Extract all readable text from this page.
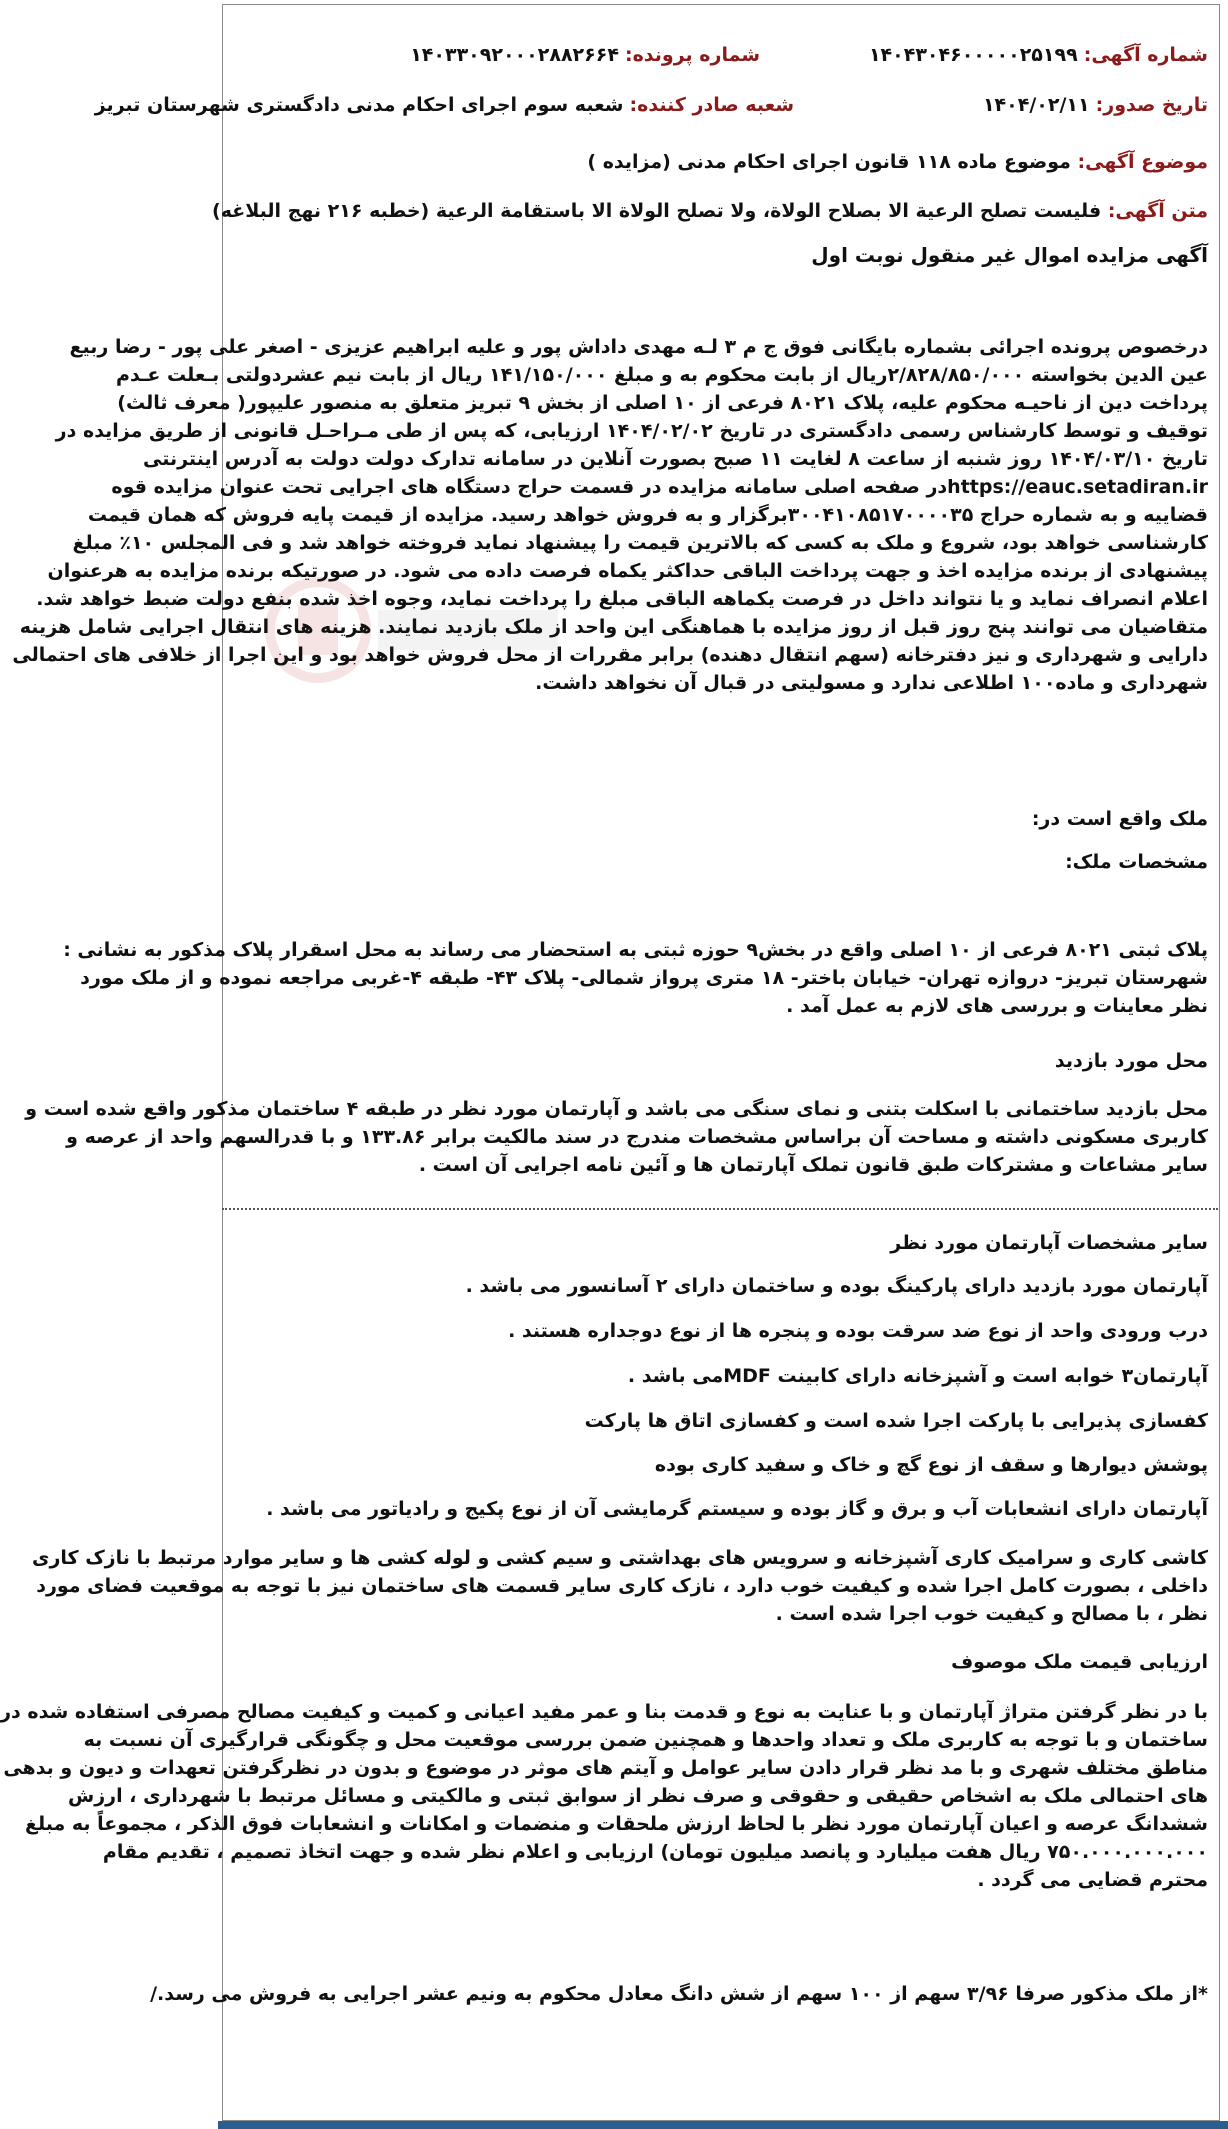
شماره آگهی: ۱۴۰۴۳۰۴۶۰۰۰۰۰۲۵۱۹۹
شماره پرونده: ۱۴۰۳۳۰۹۲۰۰۰۲۸۸۲۶۶۴
تاریخ صدور: ۱۴۰۴/۰۲/۱۱
شعبه صادر کننده: شعبه سوم اجرای احکام مدنی دادگستری شهرستان تبریز
موضوع آگهی: موضوع ماده ۱۱۸ قانون اجرای احکام مدنی (مزایده )
متن آگهی: فلیست تصلح الرعیة الا بصلاح الولاة، ولا تصلح الولاة الا باستقامة الرعیة (خطبه ۲۱۶ نهج البلاغه)
آگهی مزایده اموال غیر منقول نوبت اول
درخصوص پرونده اجرائی بشماره بایگانی فوق ج م ۳ لـه مهدی داداش پور و علیه ابراهیم عزیزی - اصغر علی پور - رضا ربیع
عین الدین بخواسته ۲/۸۲۸/۸۵۰/۰۰۰ریال از بابت محکوم به و مبلغ ۱۴۱/۱۵۰/۰۰۰ ریال از بابت نیم عشردولتی بـعلت عـدم
پرداخت دین از ناحیـه محکوم علیه، پلاک ۸۰۲۱ فرعی از ۱۰ اصلی از بخش ۹ تبریز متعلق به منصور علیپور( معرف ثالث)
توقیف و توسط کارشناس رسمی دادگستری در تاریخ ۱۴۰۴/۰۲/۰۲ ارزیابی، که پس از طی مـراحـل قانونی از طریق مزایده در
تاریخ ۱۴۰۴/۰۳/۱۰ روز شنبه از ساعت ۸ لغایت ۱۱ صبح بصورت آنلاین در سامانه تدارک دولت دولت به آدرس اینترنتی
https://eauc.setadiran.irدر صفحه اصلی سامانه مزایده در قسمت حراج دستگاه های اجرایی تحت عنوان مزایده قوه
قضاییه و به شماره حراج ۳۰۰۴۱۰۸۵۱۷۰۰۰۰۳۵برگزار و به فروش خواهد رسید. مزایده از قیمت پایه فروش که همان قیمت
کارشناسی خواهد بود، شروع و ملک به کسی که بالاترین قیمت را پیشنهاد نماید فروخته خواهد شد و فی المجلس ۱۰٪ مبلغ
پیشنهادی از برنده مزایده اخذ و جهت پرداخت الباقی حداکثر یکماه فرصت داده می شود. در صورتیکه برنده مزایده به هرعنوان
اعلام انصراف نماید و یا نتواند داخل در فرصت یکماهه الباقی مبلغ را پرداخت نماید، وجوه اخذ شده بنفع دولت ضبط خواهد شد.
متقاضیان می توانند پنج روز قبل از روز مزایده با هماهنگی این واحد از ملک بازدید نمایند. هزینه های انتقال اجرایی شامل هزینه
دارایی و شهرداری و نیز دفترخانه (سهم انتقال دهنده) برابر مقررات از محل فروش خواهد بود و این اجرا از خلافی های احتمالی
شهرداری و ماده۱۰۰ اطلاعی ندارد و مسولیتی در قبال آن نخواهد داشت.
ملک واقع است در:
مشخصات ملک:
پلاک ثبتی ۸۰۲۱ فرعی از ۱۰ اصلی واقع در بخش۹ حوزه ثبتی به استحضار می رساند به محل اسقرار پلاک مذکور به نشانی :
شهرستان تبریز- دروازه تهران- خیابان باختر- ۱۸ متری پرواز شمالی- پلاک ۴۳- طبقه ۴-غربی مراجعه نموده و از ملک مورد
نظر معاینات و بررسی های لازم به عمل آمد .
محل مورد بازدید
محل بازدید ساختمانی با اسکلت بتنی و نمای سنگی می باشد و آپارتمان مورد نظر در طبقه ۴ ساختمان مذکور واقع شده است و
کاربری مسکونی داشته و مساحت آن براساس مشخصات مندرج در سند مالکیت برابر ۱۳۳.۸۶ و با قدرالسهم واحد از عرصه و
سایر مشاعات و مشترکات طبق قانون تملک آپارتمان ها و آئین نامه اجرایی آن است .
سایر مشخصات آپارتمان مورد نظر
آپارتمان مورد بازدید دارای پارکینگ بوده و ساختمان دارای ۲ آسانسور می باشد .
درب ورودی واحد از نوع ضد سرقت بوده و پنجره ها از نوع دوجداره هستند .
آپارتمان۳ خوابه است و آشپزخانه دارای کابینت MDFمی باشد .
کفسازی پذیرایی با پارکت اجرا شده است و کفسازی اتاق ها پارکت
پوشش دیوارها و سقف از نوع گچ و خاک و سفید کاری بوده
آپارتمان دارای انشعابات آب و برق و گاز بوده و سیستم گرمایشی آن از نوع پکیج و رادیاتور می باشد .
کاشی کاری و سرامیک کاری آشپزخانه و سرویس های بهداشتی و سیم کشی و لوله کشی ها و سایر موارد مرتبط با نازک کاری
داخلی ، بصورت کامل اجرا شده و کیفیت خوب دارد ، نازک کاری سایر قسمت های ساختمان نیز با توجه به موقعیت فضای مورد
نظر ، با مصالح و کیفیت خوب اجرا شده است .
ارزیابی قیمت ملک موصوف
با در نظر گرفتن متراژ آپارتمان و با عنایت به نوع و قدمت بنا و عمر مفید اعیانی و کمیت و کیفیت مصالح مصرفی استفاده شده در
ساختمان و با توجه به کاربری ملک و تعداد واحدها و همچنین ضمن بررسی موقعیت محل و چگونگی قرارگیری آن نسبت به
مناطق مختلف شهری و با مد نظر قرار دادن سایر عوامل و آیتم های موثر در موضوع و بدون در نظرگرفتن تعهدات و دیون و بدهی
های احتمالی ملک به اشخاص حقیقی و حقوقی و صرف نظر از سوابق ثبتی و مالکیتی و مسائل مرتبط با شهرداری ، ارزش
ششدانگ عرصه و اعیان آپارتمان مورد نظر با لحاظ ارزش ملحقات و منضمات و امکانات و انشعابات فوق الذکر ، مجموعاً به مبلغ
۷۵۰.۰۰۰.۰۰۰.۰۰۰ ریال هفت میلیارد و پانصد میلیون تومان) ارزیابی و اعلام نظر شده و جهت اتخاذ تصمیم ، تقدیم مقام
محترم قضایی می گردد .
*از ملک مذکور صرفا ۳/۹۶ سهم از ۱۰۰ سهم از شش دانگ معادل محکوم به ونیم عشر اجرایی به فروش می رسد./
